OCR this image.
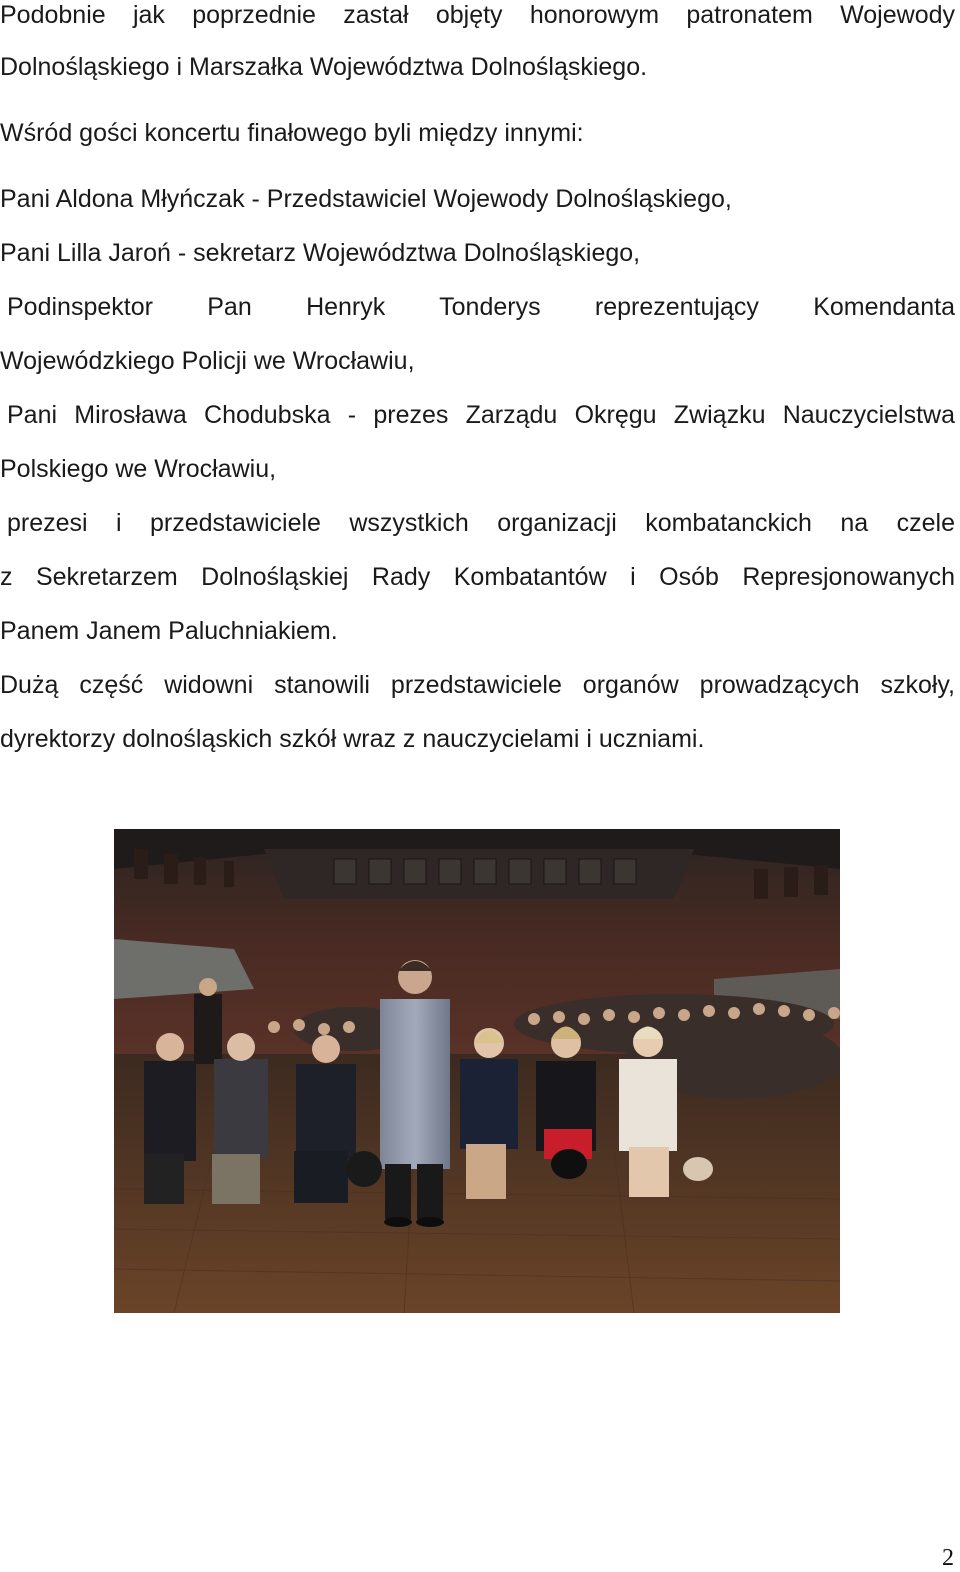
Podobnie jak poprzednie zastał objęty honorowym patronatem Wojewody
Dolnośląskiego i Marszałka Województwa Dolnośląskiego.
Wśród gości koncertu finałowego byli między innymi:
Pani Aldona Młyńczak - Przedstawiciel Wojewody Dolnośląskiego,
Pani Lilla Jaroń - sekretarz Województwa Dolnośląskiego,
Podinspektor Pan Henryk Tonderys reprezentujący Komendanta
Wojewódzkiego Policji we Wrocławiu,
Pani Mirosława Chodubska - prezes Zarządu Okręgu Związku Nauczycielstwa
Polskiego we Wrocławiu,
prezesi i przedstawiciele wszystkich organizacji kombatanckich na czele
z Sekretarzem Dolnośląskiej Rady Kombatantów i Osób Represjonowanych
Panem Janem Paluchniakiem.
Dużą część widowni stanowili przedstawiciele organów prowadzących szkoły,
dyrektorzy dolnośląskich szkół wraz z nauczycielami i uczniami.
2
